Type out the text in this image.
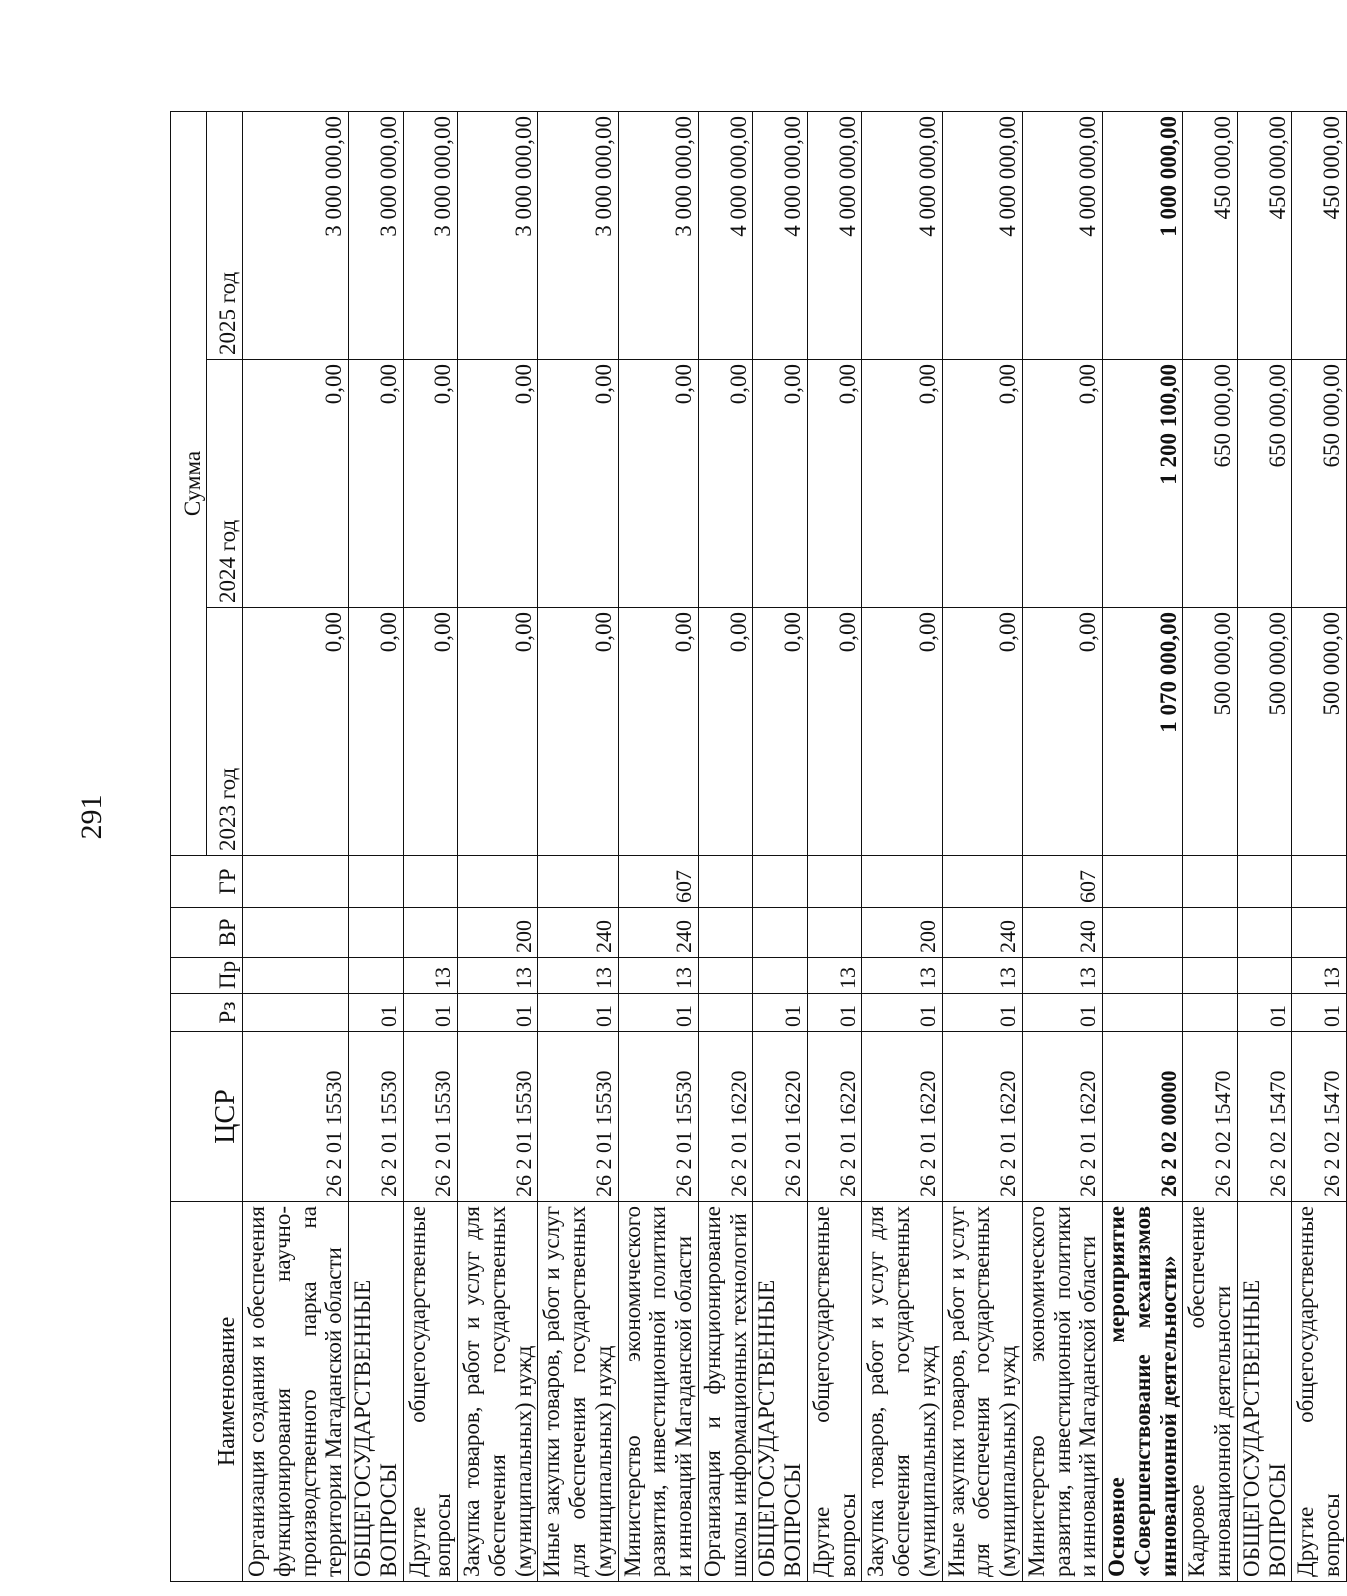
291
Наименование	ЦСР	Рз	Пр	ВР	ГР	Сумма		
						2023 год	2024 год	2025 год
Организация создания и обеспечения функционирования научно-производственного парка на территории Магаданской области	26 2 01 15530					0,00	0,00	3 000 000,00
ОБЩЕГОСУДАРСТВЕННЫЕ ВОПРОСЫ	26 2 01 15530	01				0,00	0,00	3 000 000,00
Другие общегосударственные вопросы	26 2 01 15530	01	13			0,00	0,00	3 000 000,00
Закупка товаров, работ и услуг для обеспечения государственных (муниципальных) нужд	26 2 01 15530	01	13	200		0,00	0,00	3 000 000,00
Иные закупки товаров, работ и услуг для обеспечения государственных (муниципальных) нужд	26 2 01 15530	01	13	240		0,00	0,00	3 000 000,00
Министерство экономического развития, инвестиционной политики и инноваций Магаданской области	26 2 01 15530	01	13	240	607	0,00	0,00	3 000 000,00
Организация и функционирование школы информационных технологий	26 2 01 16220					0,00	0,00	4 000 000,00
ОБЩЕГОСУДАРСТВЕННЫЕ ВОПРОСЫ	26 2 01 16220	01				0,00	0,00	4 000 000,00
Другие общегосударственные вопросы	26 2 01 16220	01	13			0,00	0,00	4 000 000,00
Закупка товаров, работ и услуг для обеспечения государственных (муниципальных) нужд	26 2 01 16220	01	13	200		0,00	0,00	4 000 000,00
Иные закупки товаров, работ и услуг для обеспечения государственных (муниципальных) нужд	26 2 01 16220	01	13	240		0,00	0,00	4 000 000,00
Министерство экономического развития, инвестиционной политики и инноваций Магаданской области	26 2 01 16220	01	13	240	607	0,00	0,00	4 000 000,00
Основное мероприятие «Совершенствование механизмов инновационной деятельности»	26 2 02 00000					1 070 000,00	1 200 100,00	1 000 000,00
Кадровое обеспечение инновационной деятельности	26 2 02 15470					500 000,00	650 000,00	450 000,00
ОБЩЕГОСУДАРСТВЕННЫЕ ВОПРОСЫ	26 2 02 15470	01				500 000,00	650 000,00	450 000,00
Другие общегосударственные вопросы	26 2 02 15470	01	13			500 000,00	650 000,00	450 000,00
